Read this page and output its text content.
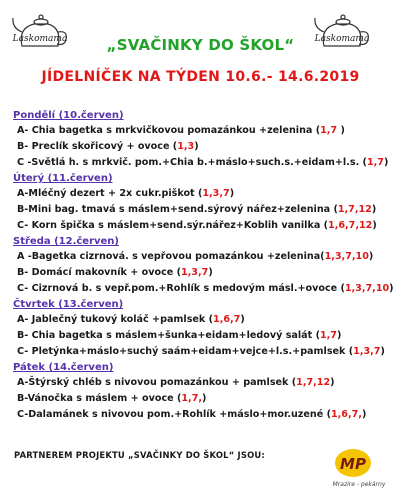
Laskomama	Laskomama
„SVAČINKY DO ŠKOL“
JÍDELNÍČEK NA TÝDEN 10.6.- 14.6.2019
Pondělí (10.červen)
A- Chia bagetka s mrkvičkovou pomazánkou +zelenina (1,7 )
B- Preclík skořicový + ovoce (1,3)
C -Světlá h. s mrkvič. pom.+Chia b.+máslo+such.s.+eidam+l.s. (1,7)
Úterý (11.červen)
A-Mléčný dezert + 2x cukr.piškot (1,3,7)
B-Mini bag. tmavá s máslem+send.sýrový nářez+zelenina (1,7,12)
C- Korn špička s máslem+send.sýr.nářez+Koblih vanilka (1,6,7,12)
Středa (12.červen)
A -Bagetka cizrnová. s vepřovou pomazánkou +zelenina(1,3,7,10)
B- Domácí makovník + ovoce (1,3,7)
C- Cizrnová b. s vepř.pom.+Rohlík s medovým másl.+ovoce (1,3,7,10)
Čtvrtek (13.červen)
A- Jablečný tukový koláč +pamlsek (1,6,7)
B- Chia bagetka s máslem+šunka+eidam+ledový salát (1,7)
C- Pletýnka+máslo+suchý saám+eidam+vejce+l.s.+pamlsek (1,3,7)
Pátek (14.červen)
A-Štýrský chléb s nivovou pomazánkou + pamlsek (1,7,12)
B-Vánočka s máslem + ovoce (1,7,)
C-Dalamánek s nivovou pom.+Rohlík +máslo+mor.uzené (1,6,7,)
PARTNEREM PROJEKTU „SVAČINKY DO ŠKOL“ JSOU:	MP
Mrazíre - pekárny
